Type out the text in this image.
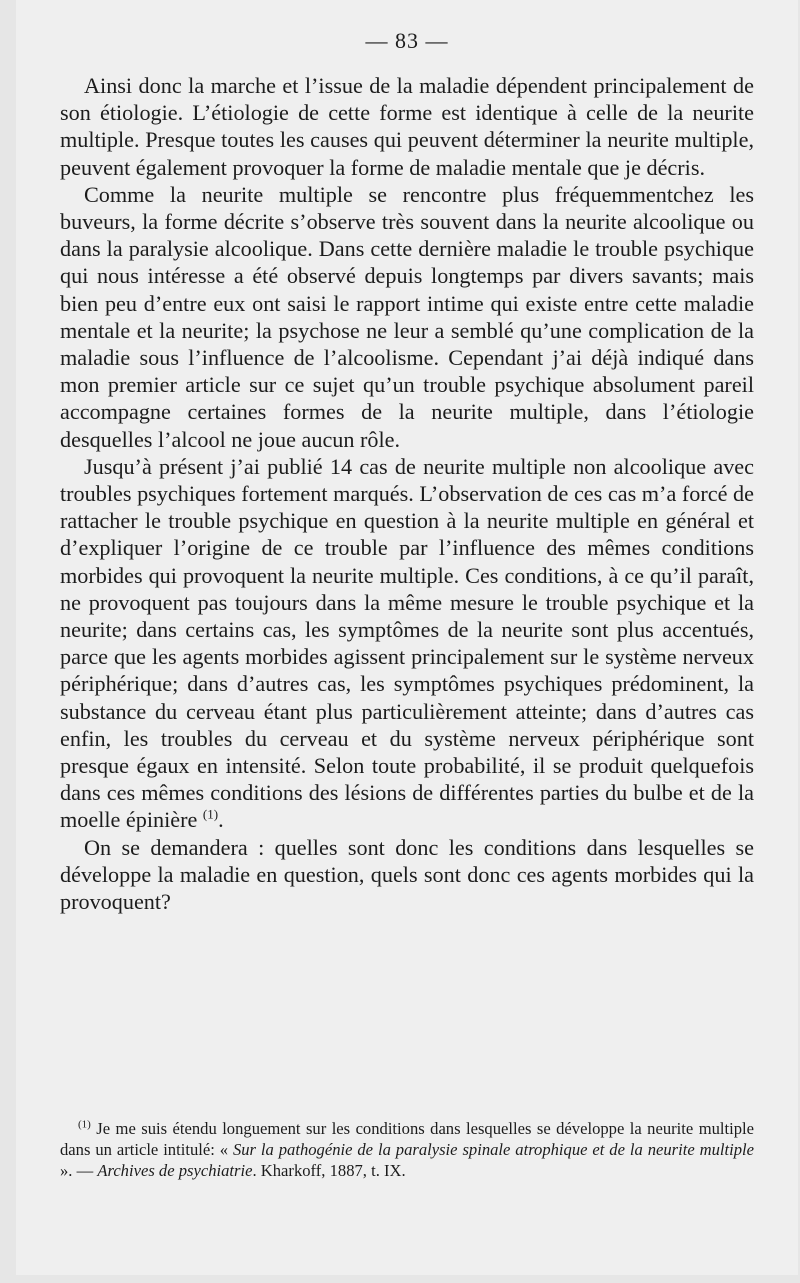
— 83 —

Ainsi donc la marche et l’issue de la maladie dépendent principalement de son étiologie. L’étiologie de cette forme est identique à celle de la neurite multiple. Presque toutes les causes qui peuvent déterminer la neurite multiple, peuvent également provoquer la forme de maladie mentale que je décris.

Comme la neurite multiple se rencontre plus fréquemmentchez les buveurs, la forme décrite s’observe très souvent dans la neurite alcoolique ou dans la paralysie alcoolique. Dans cette dernière maladie le trouble psychique qui nous intéresse a été observé depuis longtemps par divers savants; mais bien peu d’entre eux ont saisi le rapport intime qui existe entre cette maladie mentale et la neurite; la psychose ne leur a semblé qu’une complication de la maladie sous l’influence de l’alcoolisme. Cependant j’ai déjà indiqué dans mon premier article sur ce sujet qu’un trouble psychique absolument pareil accompagne certaines formes de la neurite multiple, dans l’étiologie desquelles l’alcool ne joue aucun rôle.

Jusqu’à présent j’ai publié 14 cas de neurite multiple non alcoolique avec troubles psychiques fortement marqués. L’observation de ces cas m’a forcé de rattacher le trouble psychique en question à la neurite multiple en général et d’expliquer l’origine de ce trouble par l’influence des mêmes conditions morbides qui provoquent la neurite multiple. Ces conditions, à ce qu’il paraît, ne provoquent pas toujours dans la même mesure le trouble psychique et la neurite; dans certains cas, les symptômes de la neurite sont plus accentués, parce que les agents morbides agissent principalement sur le système nerveux périphérique; dans d’autres cas, les symptômes psychiques prédominent, la substance du cerveau étant plus particulièrement atteinte; dans d’autres cas enfin, les troubles du cerveau et du système nerveux périphérique sont presque égaux en intensité. Selon toute probabilité, il se produit quelquefois dans ces mêmes conditions des lésions de différentes parties du bulbe et de la moelle épinière $^{(1)}$.

On se demandera : quelles sont donc les conditions dans lesquelles se développe la maladie en question, quels sont donc ces agents morbides qui la provoquent?

$^{(1)}$ Je me suis étendu longuement sur les conditions dans lesquelles se développe la neurite multiple dans un article intitulé: « Sur la pathogénie de la paralysie spinale atrophique et de la neurite multiple ». — Archives de psychiatrie. Kharkoff, 1887, t. IX.
